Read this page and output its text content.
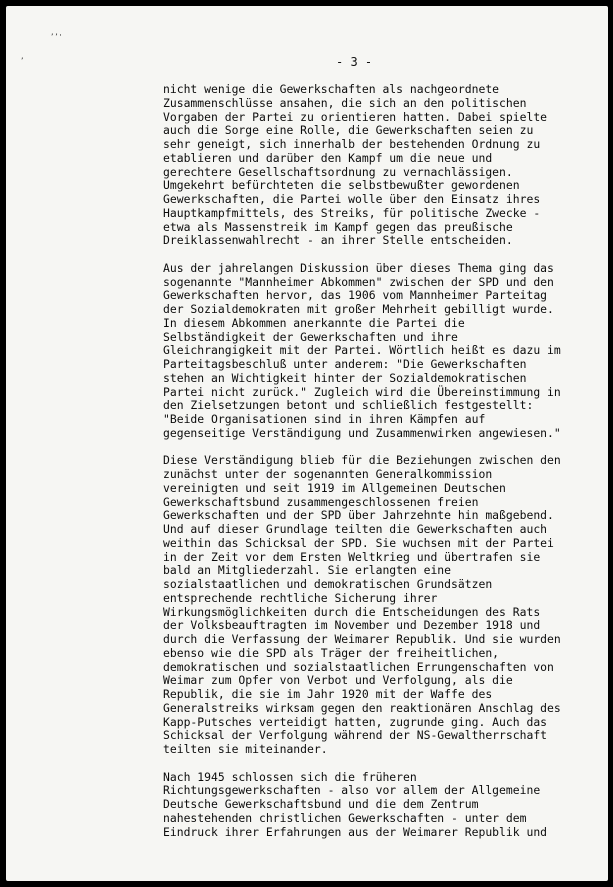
’’'
’	- 3 -
nicht wenige die Gewerkschaften als nachgeordnete
Zusammenschlüsse ansahen, die sich an den politischen
Vorgaben der Partei zu orientieren hatten. Dabei spielte
auch die Sorge eine Rolle, die Gewerkschaften seien zu
sehr geneigt, sich innerhalb der bestehenden Ordnung zu
etablieren und darüber den Kampf um die neue und
gerechtere Gesellschaftsordnung zu vernachlässigen.
Umgekehrt befürchteten die selbstbewußter gewordenen
Gewerkschaften, die Partei wolle über den Einsatz ihres
Hauptkampfmittels, des Streiks, für politische Zwecke -
etwa als Massenstreik im Kampf gegen das preußische
Dreiklassenwahlrecht - an ihrer Stelle entscheiden.
Aus der jahrelangen Diskussion über dieses Thema ging das
sogenannte "Mannheimer Abkommen" zwischen der SPD und den
Gewerkschaften hervor, das 1906 vom Mannheimer Parteitag
der Sozialdemokraten mit großer Mehrheit gebilligt wurde.
In diesem Abkommen anerkannte die Partei die
Selbständigkeit der Gewerkschaften und ihre
Gleichrangigkeit mit der Partei. Wörtlich heißt es dazu im
Parteitagsbeschluß unter anderem: "Die Gewerkschaften
stehen an Wichtigkeit hinter der Sozialdemokratischen
Partei nicht zurück." Zugleich wird die Übereinstimmung in
den Zielsetzungen betont und schließlich festgestellt:
"Beide Organisationen sind in ihren Kämpfen auf
gegenseitige Verständigung und Zusammenwirken angewiesen."
Diese Verständigung blieb für die Beziehungen zwischen den
zunächst unter der sogenannten Generalkommission
vereinigten und seit 1919 im Allgemeinen Deutschen
Gewerkschaftsbund zusammengeschlossenen freien
Gewerkschaften und der SPD über Jahrzehnte hin maßgebend.
Und auf dieser Grundlage teilten die Gewerkschaften auch
weithin das Schicksal der SPD. Sie wuchsen mit der Partei
in der Zeit vor dem Ersten Weltkrieg und übertrafen sie
bald an Mitgliederzahl. Sie erlangten eine
sozialstaatlichen und demokratischen Grundsätzen
entsprechende rechtliche Sicherung ihrer
Wirkungsmöglichkeiten durch die Entscheidungen des Rats
der Volksbeauftragten im November und Dezember 1918 und
durch die Verfassung der Weimarer Republik. Und sie wurden
ebenso wie die SPD als Träger der freiheitlichen,
demokratischen und sozialstaatlichen Errungenschaften von
Weimar zum Opfer von Verbot und Verfolgung, als die
Republik, die sie im Jahr 1920 mit der Waffe des
Generalstreiks wirksam gegen den reaktionären Anschlag des
Kapp-Putsches verteidigt hatten, zugrunde ging. Auch das
Schicksal der Verfolgung während der NS-Gewaltherrschaft
teilten sie miteinander.
Nach 1945 schlossen sich die früheren
Richtungsgewerkschaften - also vor allem der Allgemeine
Deutsche Gewerkschaftsbund und die dem Zentrum
nahestehenden christlichen Gewerkschaften - unter dem
Eindruck ihrer Erfahrungen aus der Weimarer Republik und
